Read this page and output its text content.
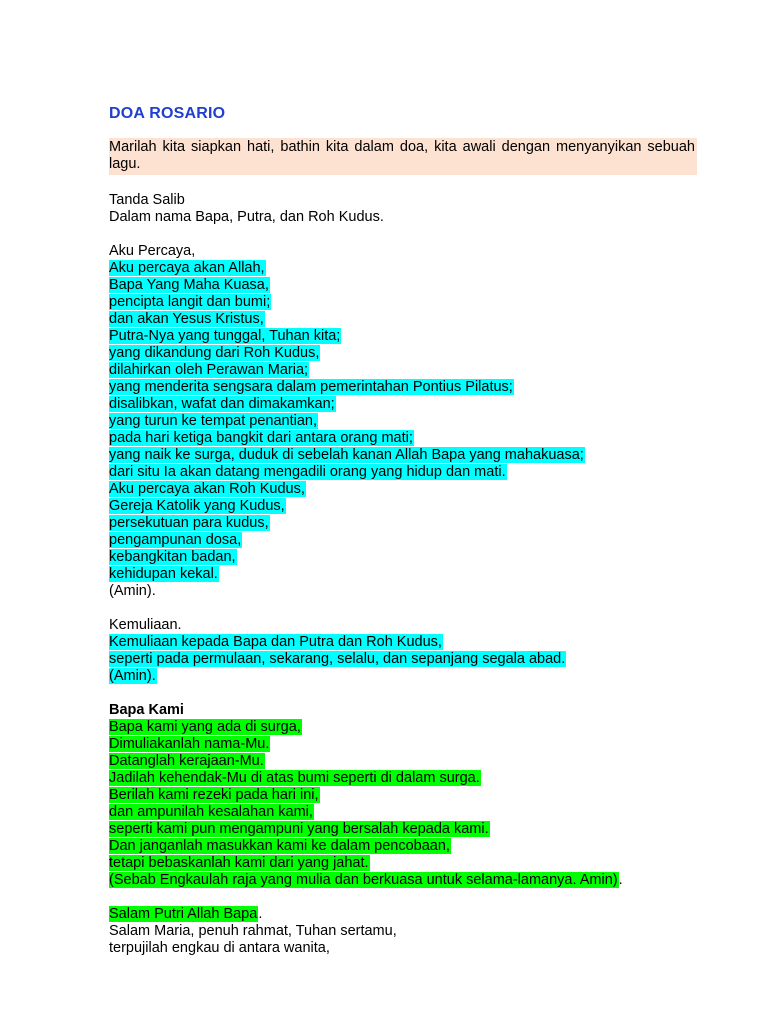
DOA ROSARIO

Marilah kita siapkan hati, bathin kita dalam doa, kita awali dengan menyanyikan sebuah lagu.

Tanda Salib
Dalam nama Bapa, Putra, dan Roh Kudus.
Aku Percaya,
Aku percaya akan Allah,
Bapa Yang Maha Kuasa,
pencipta langit dan bumi;
dan akan Yesus Kristus,
Putra-Nya yang tunggal, Tuhan kita;
yang dikandung dari Roh Kudus,
dilahirkan oleh Perawan Maria;
yang menderita sengsara dalam pemerintahan Pontius Pilatus;
disalibkan, wafat dan dimakamkan;
yang turun ke tempat penantian,
pada hari ketiga bangkit dari antara orang mati;
yang naik ke surga, duduk di sebelah kanan Allah Bapa yang mahakuasa;
dari situ Ia akan datang mengadili orang yang hidup dan mati.
Aku percaya akan Roh Kudus,
Gereja Katolik yang Kudus,
persekutuan para kudus,
pengampunan dosa,
kebangkitan badan,
kehidupan kekal.
(Amin).
Kemuliaan.
Kemuliaan kepada Bapa dan Putra dan Roh Kudus,
seperti pada permulaan, sekarang, selalu, dan sepanjang segala abad.
(Amin).
Bapa Kami
Bapa kami yang ada di surga,
Dimuliakanlah nama-Mu.
Datanglah kerajaan-Mu.
Jadilah kehendak-Mu di atas bumi seperti di dalam surga.
Berilah kami rezeki pada hari ini,
dan ampunilah kesalahan kami,
seperti kami pun mengampuni yang bersalah kepada kami.
Dan janganlah masukkan kami ke dalam pencobaan,
tetapi bebaskanlah kami dari yang jahat.
(Sebab Engkaulah raja yang mulia dan berkuasa untuk selama-lamanya. Amin).
Salam Putri Allah Bapa.
Salam Maria, penuh rahmat, Tuhan sertamu,
terpujilah engkau di antara wanita,
